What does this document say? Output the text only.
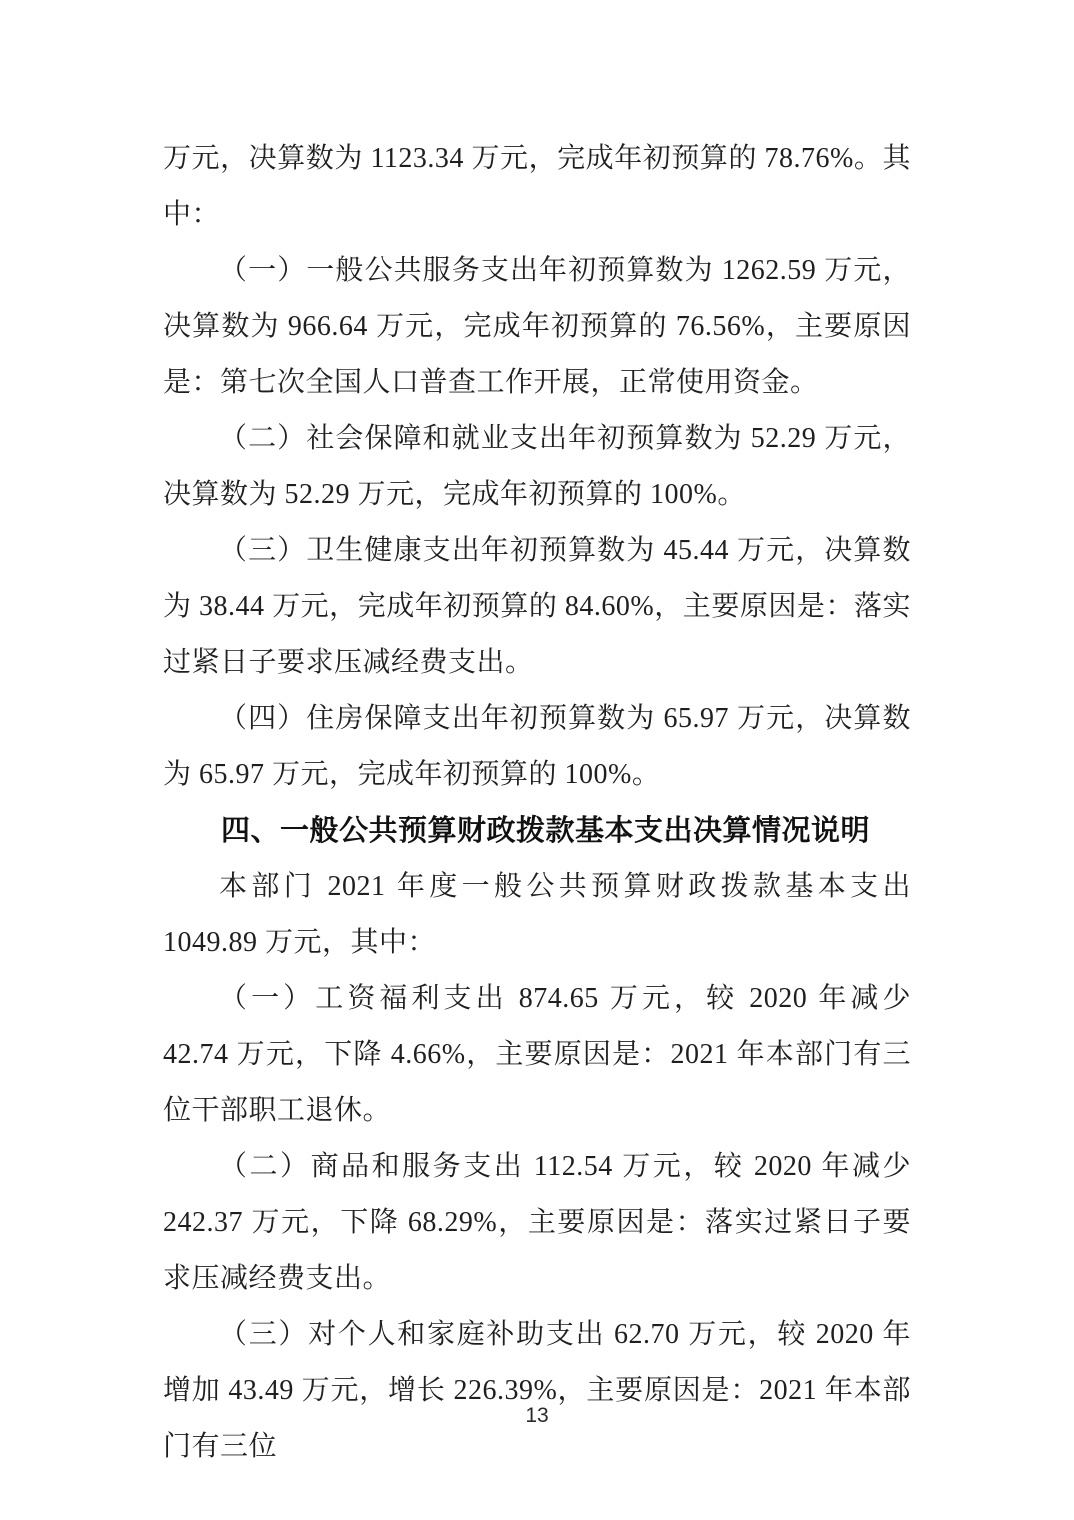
万元，决算数为 1123.34 万元，完成年初预算的 78.76%。其中：

（一）一般公共服务支出年初预算数为 1262.59 万元，决算数为 966.64 万元，完成年初预算的 76.56%，主要原因是：第七次全国人口普查工作开展，正常使用资金。

（二）社会保障和就业支出年初预算数为 52.29 万元，决算数为 52.29 万元，完成年初预算的 100%。

（三）卫生健康支出年初预算数为 45.44 万元，决算数为 38.44 万元，完成年初预算的 84.60%，主要原因是：落实过紧日子要求压减经费支出。

（四）住房保障支出年初预算数为 65.97 万元，决算数为 65.97 万元，完成年初预算的 100%。

四、一般公共预算财政拨款基本支出决算情况说明

本部门 2021 年度一般公共预算财政拨款基本支出 1049.89 万元，其中：

（一）工资福利支出 874.65 万元，较 2020 年减少 42.74 万元，下降 4.66%，主要原因是：2021 年本部门有三位干部职工退休。

（二）商品和服务支出 112.54 万元，较 2020 年减少 242.37 万元，下降 68.29%，主要原因是：落实过紧日子要求压减经费支出。

（三）对个人和家庭补助支出 62.70 万元，较 2020 年增加 43.49 万元，增长 226.39%，主要原因是：2021 年本部门有三位

13
